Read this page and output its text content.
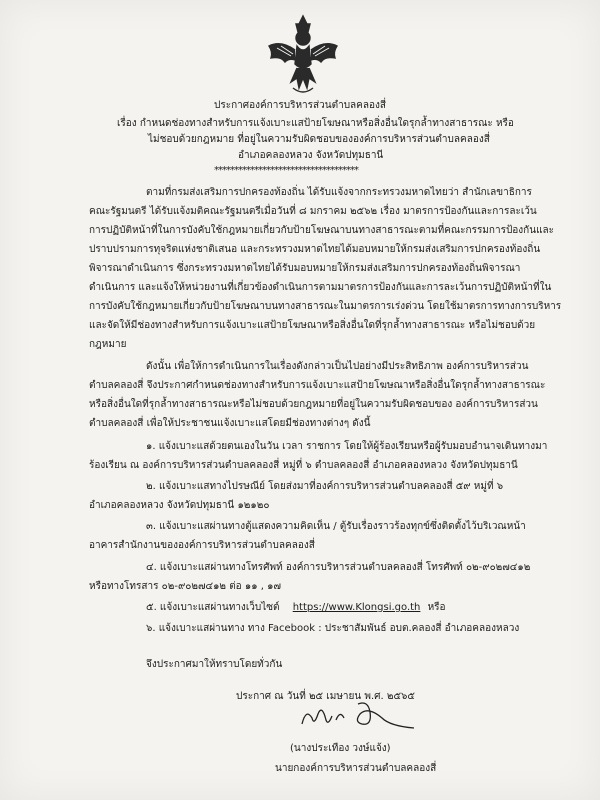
ประกาศองค์การบริหารส่วนตำบลคลองสี่
เรื่อง กำหนดช่องทางสำหรับการแจ้งเบาะแสป้ายโฆษณาหรือสิ่งอื่นใดรุกล้ำทางสาธารณะ หรือ
ไม่ชอบด้วยกฎหมาย ที่อยู่ในความรับผิดชอบขององค์การบริหารส่วนตำบลคลองสี่
อำเภอคลองหลวง จังหวัดปทุมธานี
************************************
ตามที่กรมส่งเสริมการปกครองท้องถิ่น ได้รับแจ้งจากกระทรวงมหาดไทยว่า สำนักเลขาธิการ
คณะรัฐมนตรี ได้รับแจ้งมติคณะรัฐมนตรีเมื่อวันที่ ๘ มกราคม ๒๕๖๒ เรื่อง มาตรการป้องกันและการละเว้น
การปฏิบัติหน้าที่ในการบังคับใช้กฎหมายเกี่ยวกับป้ายโฆษณาบนทางสาธารณะตามที่คณะกรรมการป้องกันและ
ปราบปรามการทุจริตแห่งชาติเสนอ และกระทรวงมหาดไทยได้มอบหมายให้กรมส่งเสริมการปกครองท้องถิ่น
พิจารณาดำเนินการ ซึ่งกระทรวงมหาดไทยได้รับมอบหมายให้กรมส่งเสริมการปกครองท้องถิ่นพิจารณา
ดำเนินการ และแจ้งให้หน่วยงานที่เกี่ยวข้องดำเนินการตามมาตรการป้องกันและการละเว้นการปฏิบัติหน้าที่ใน
การบังคับใช้กฎหมายเกี่ยวกับป้ายโฆษณาบนทางสาธารณะในมาตรการเร่งด่วน โดยใช้มาตรการทางการบริหาร
และจัดให้มีช่องทางสำหรับการแจ้งเบาะแสป้ายโฆษณาหรือสิ่งอื่นใดที่รุกล้ำทางสาธารณะ หรือไม่ชอบด้วย
กฎหมาย
ดังนั้น เพื่อให้การดำเนินการในเรื่องดังกล่าวเป็นไปอย่างมีประสิทธิภาพ องค์การบริหารส่วน
ตำบลคลองสี่ จึงประกาศกำหนดช่องทางสำหรับการแจ้งเบาะแสป้ายโฆษณาหรือสิ่งอื่นใดรุกล้ำทางสาธารณะ
หรือสิ่งอื่นใดที่รุกล้ำทางสาธารณะหรือไม่ชอบด้วยกฎหมายที่อยู่ในความรับผิดชอบของ องค์การบริหารส่วน
ตำบลคลองสี่ เพื่อให้ประชาชนแจ้งเบาะแสโดยมีช่องทางต่างๆ ดังนี้
๑. แจ้งเบาะแสด้วยตนเองในวัน เวลา ราชการ โดยให้ผู้ร้องเรียนหรือผู้รับมอบอำนาจเดินทางมา
ร้องเรียน ณ องค์การบริหารส่วนตำบลคลองสี่ หมู่ที่ ๖ ตำบลคลองสี่ อำเภอคลองหลวง จังหวัดปทุมธานี
๒. แจ้งเบาะแสทางไปรษณีย์ โดยส่งมาที่องค์การบริหารส่วนตำบลคลองสี่ ๕๙ หมู่ที่ ๖
อำเภอคลองหลวง จังหวัดปทุมธานี ๑๒๑๒๐
๓. แจ้งเบาะแสผ่านทางตู้แสดงความคิดเห็น / ตู้รับเรื่องราวร้องทุกข์ซึ่งติดตั้งไว้บริเวณหน้า
อาคารสำนักงานขององค์การบริหารส่วนตำบลคลองสี่
๔. แจ้งเบาะแสผ่านทางโทรศัพท์ องค์การบริหารส่วนตำบลคลองสี่ โทรศัพท์ ๐๒-๙๐๒๗๔๑๒
หรือทางโทรสาร ๐๒-๙๐๒๗๔๑๒ ต่อ ๑๑ , ๑๗
๕. แจ้งเบาะแสผ่านทางเว็บไซต์ https://www.Klongsi.go.th หรือ
๖. แจ้งเบาะแสผ่านทาง ทาง Facebook : ประชาสัมพันธ์ อบต.คลองสี่ อำเภอคลองหลวง
จึงประกาศมาให้ทราบโดยทั่วกัน
ประกาศ ณ วันที่ ๒๕ เมษายน พ.ศ. ๒๕๖๕
(นางประเทือง วงษ์แจ้ง)
นายกองค์การบริหารส่วนตำบลคลองสี่
